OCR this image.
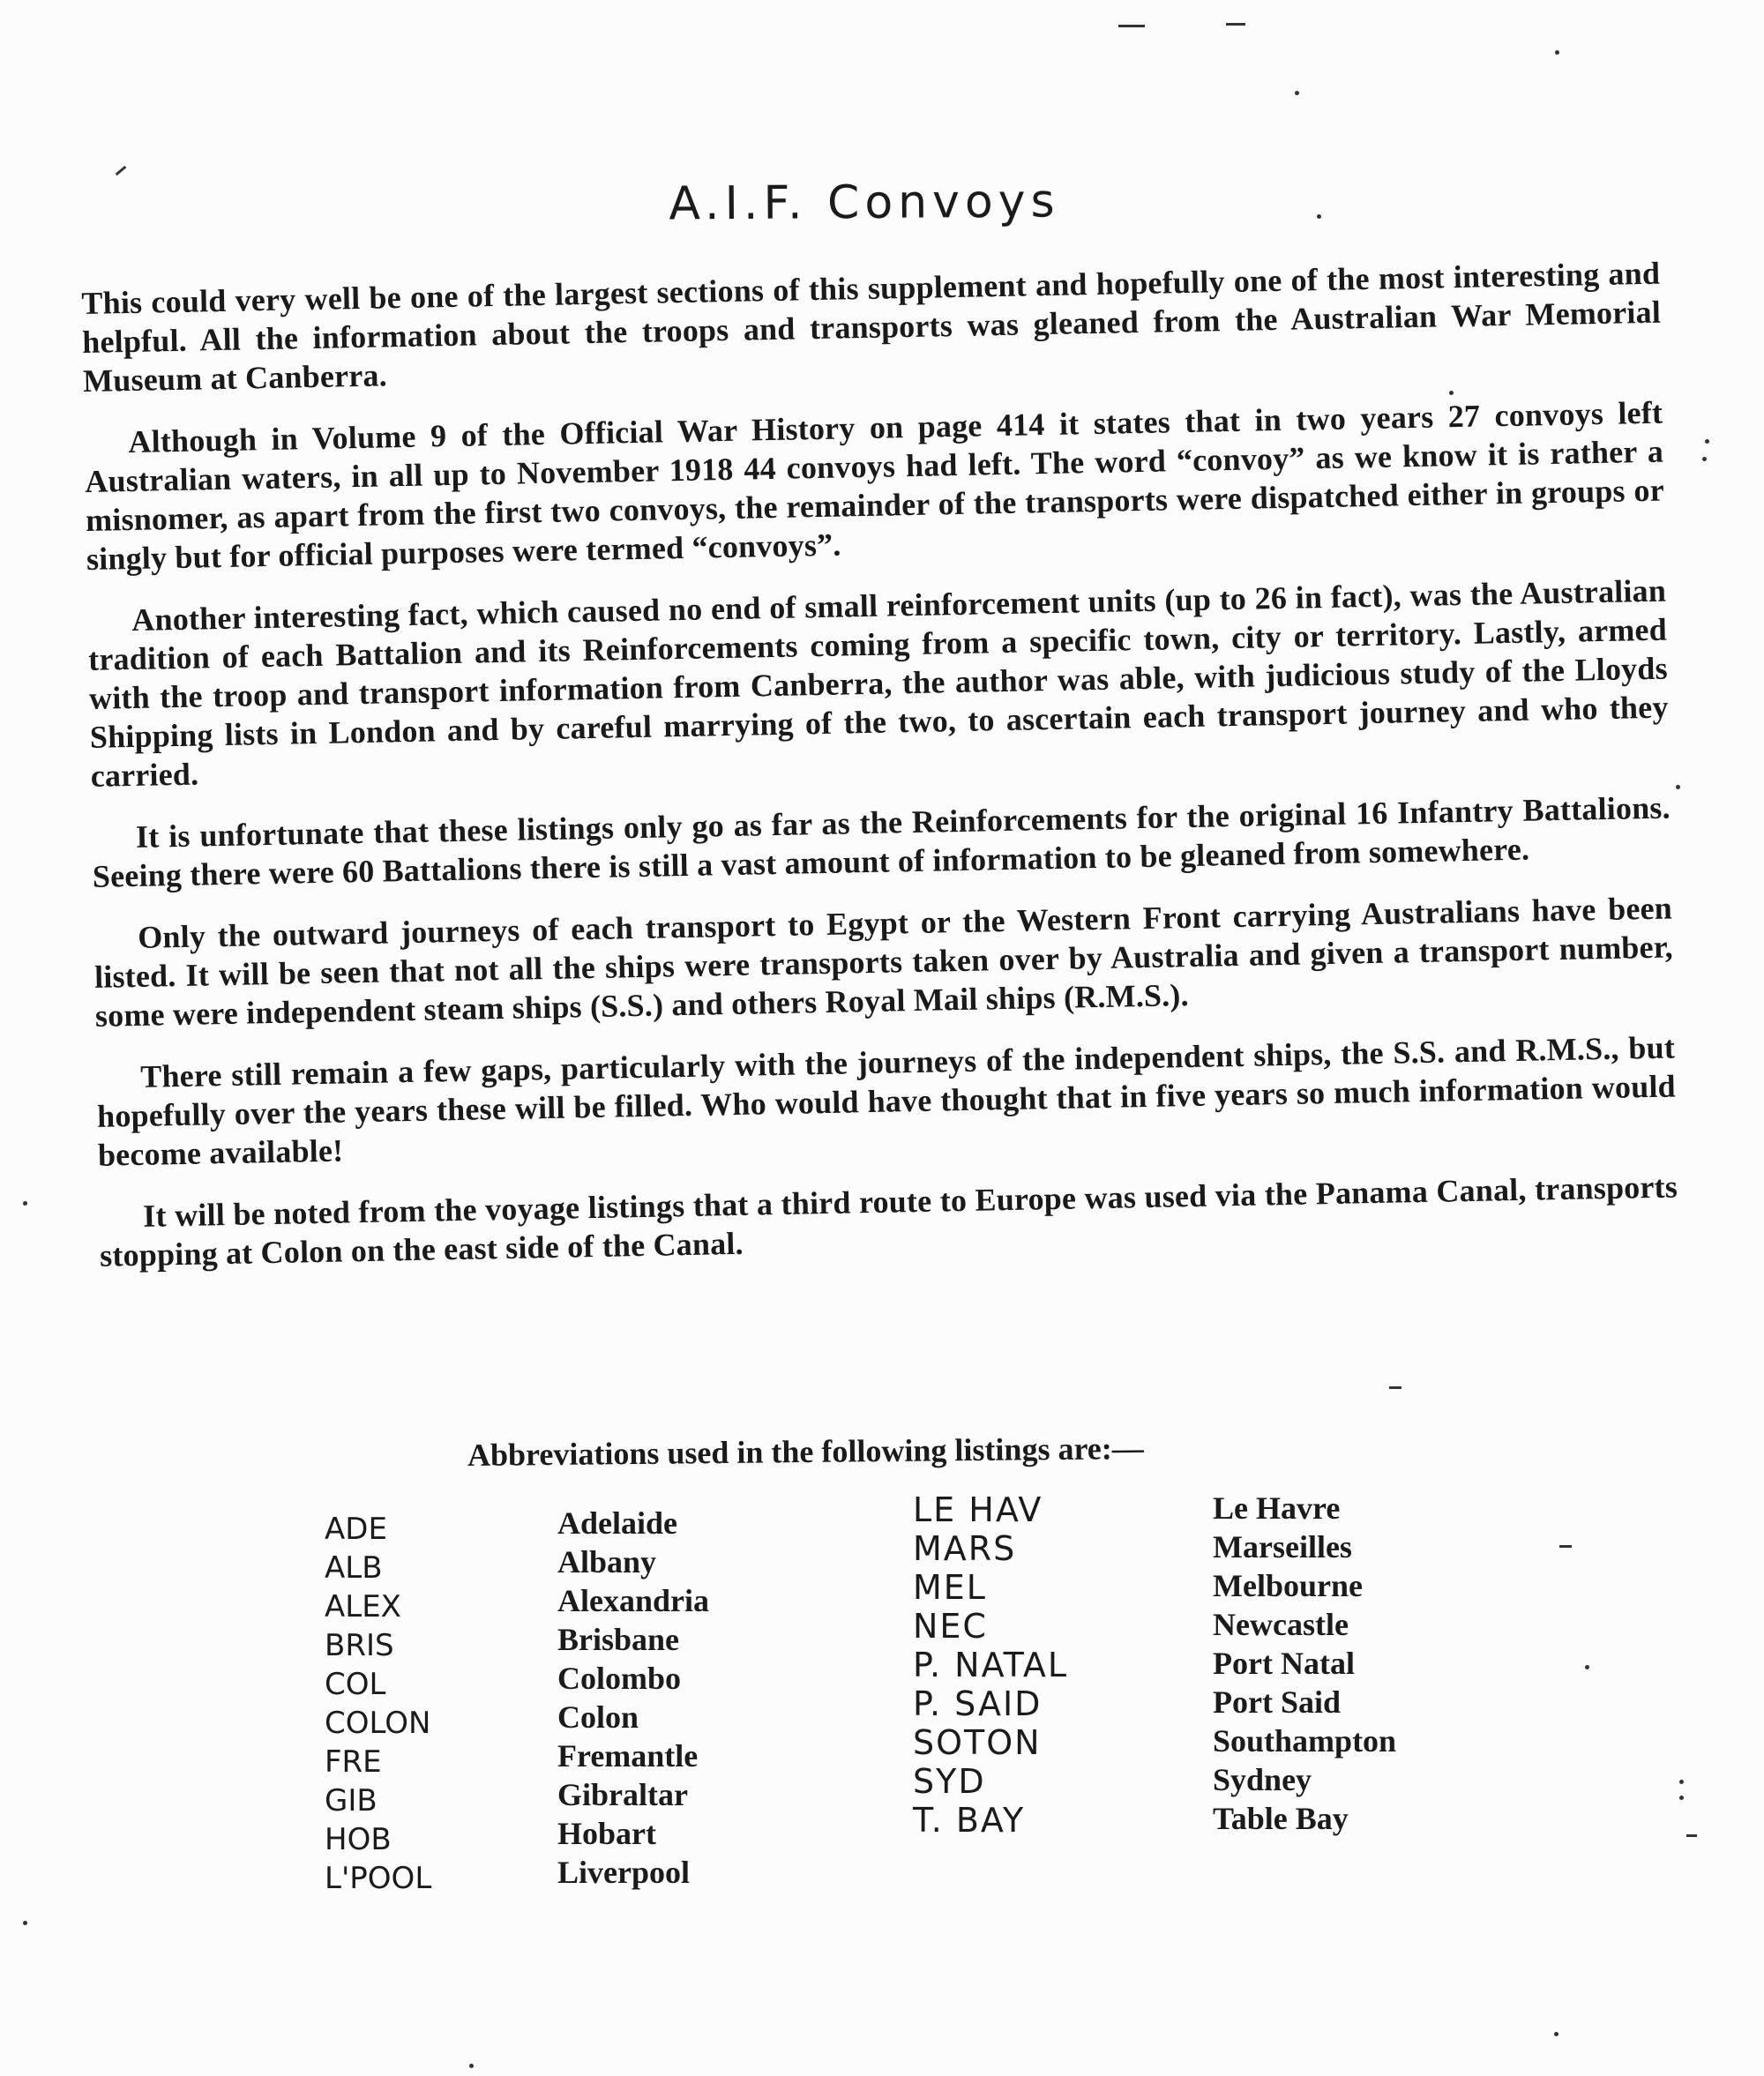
A.I.F. Convoys

This could very well be one of the largest sections of this supplement and hopefully one of the most interesting and helpful. All the information about the troops and transports was gleaned from the Australian War Memorial Museum at Canberra.

Although in Volume 9 of the Official War History on page 414 it states that in two years 27 convoys left Australian waters, in all up to November 1918 44 convoys had left. The word “convoy” as we know it is rather a misnomer, as apart from the first two convoys, the remainder of the transports were dispatched either in groups or singly but for official purposes were termed “convoys”.

Another interesting fact, which caused no end of small reinforcement units (up to 26 in fact), was the Australian tradition of each Battalion and its Reinforcements coming from a specific town, city or territory. Lastly, armed with the troop and transport information from Canberra, the author was able, with judicious study of the Lloyds Shipping lists in London and by careful marrying of the two, to ascertain each transport journey and who they carried.

It is unfortunate that these listings only go as far as the Reinforcements for the original 16 Infantry Battalions. Seeing there were 60 Battalions there is still a vast amount of information to be gleaned from somewhere.

Only the outward journeys of each transport to Egypt or the Western Front carrying Australians have been listed. It will be seen that not all the ships were transports taken over by Australia and given a transport number, some were independent steam ships (S.S.) and others Royal Mail ships (R.M.S.).

There still remain a few gaps, particularly with the journeys of the independent ships, the S.S. and R.M.S., but hopefully over the years these will be filled. Who would have thought that in five years so much information would become available!

It will be noted from the voyage listings that a third route to Europe was used via the Panama Canal, transports stopping at Colon on the east side of the Canal.

Abbreviations used in the following listings are:—
ADE
ALB
ALEX
BRIS
COL
COLON
FRE
GIB
HOB
L'POOL
Adelaide
Albany
Alexandria
Brisbane
Colombo
Colon
Fremantle
Gibraltar
Hobart
Liverpool
LE HAV
MARS
MEL
NEC
P. NATAL
P. SAID
SOTON
SYD
T. BAY
Le Havre
Marseilles
Melbourne
Newcastle
Port Natal
Port Said
Southampton
Sydney
Table Bay
